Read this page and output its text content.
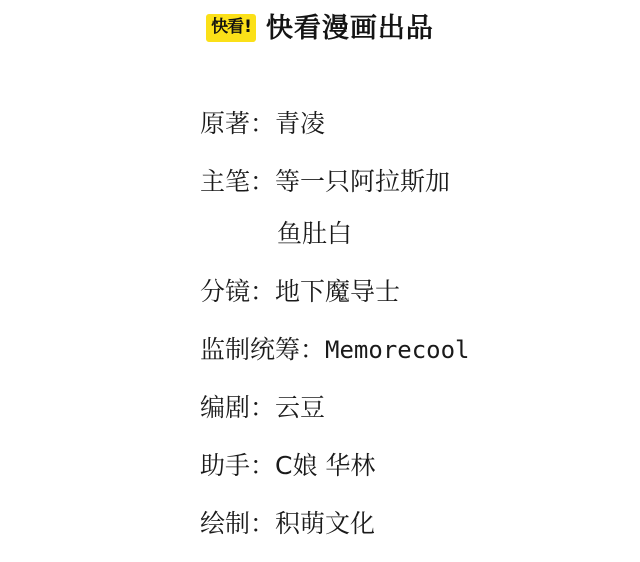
快看 ! 快看漫画出品
原著： 青凌
主笔： 等一只阿拉斯加
鱼肚白
分镜： 地下魔导士
监制统筹： Memorecool
编剧： 云豆
助手： C娘 华林
绘制： 积萌文化
